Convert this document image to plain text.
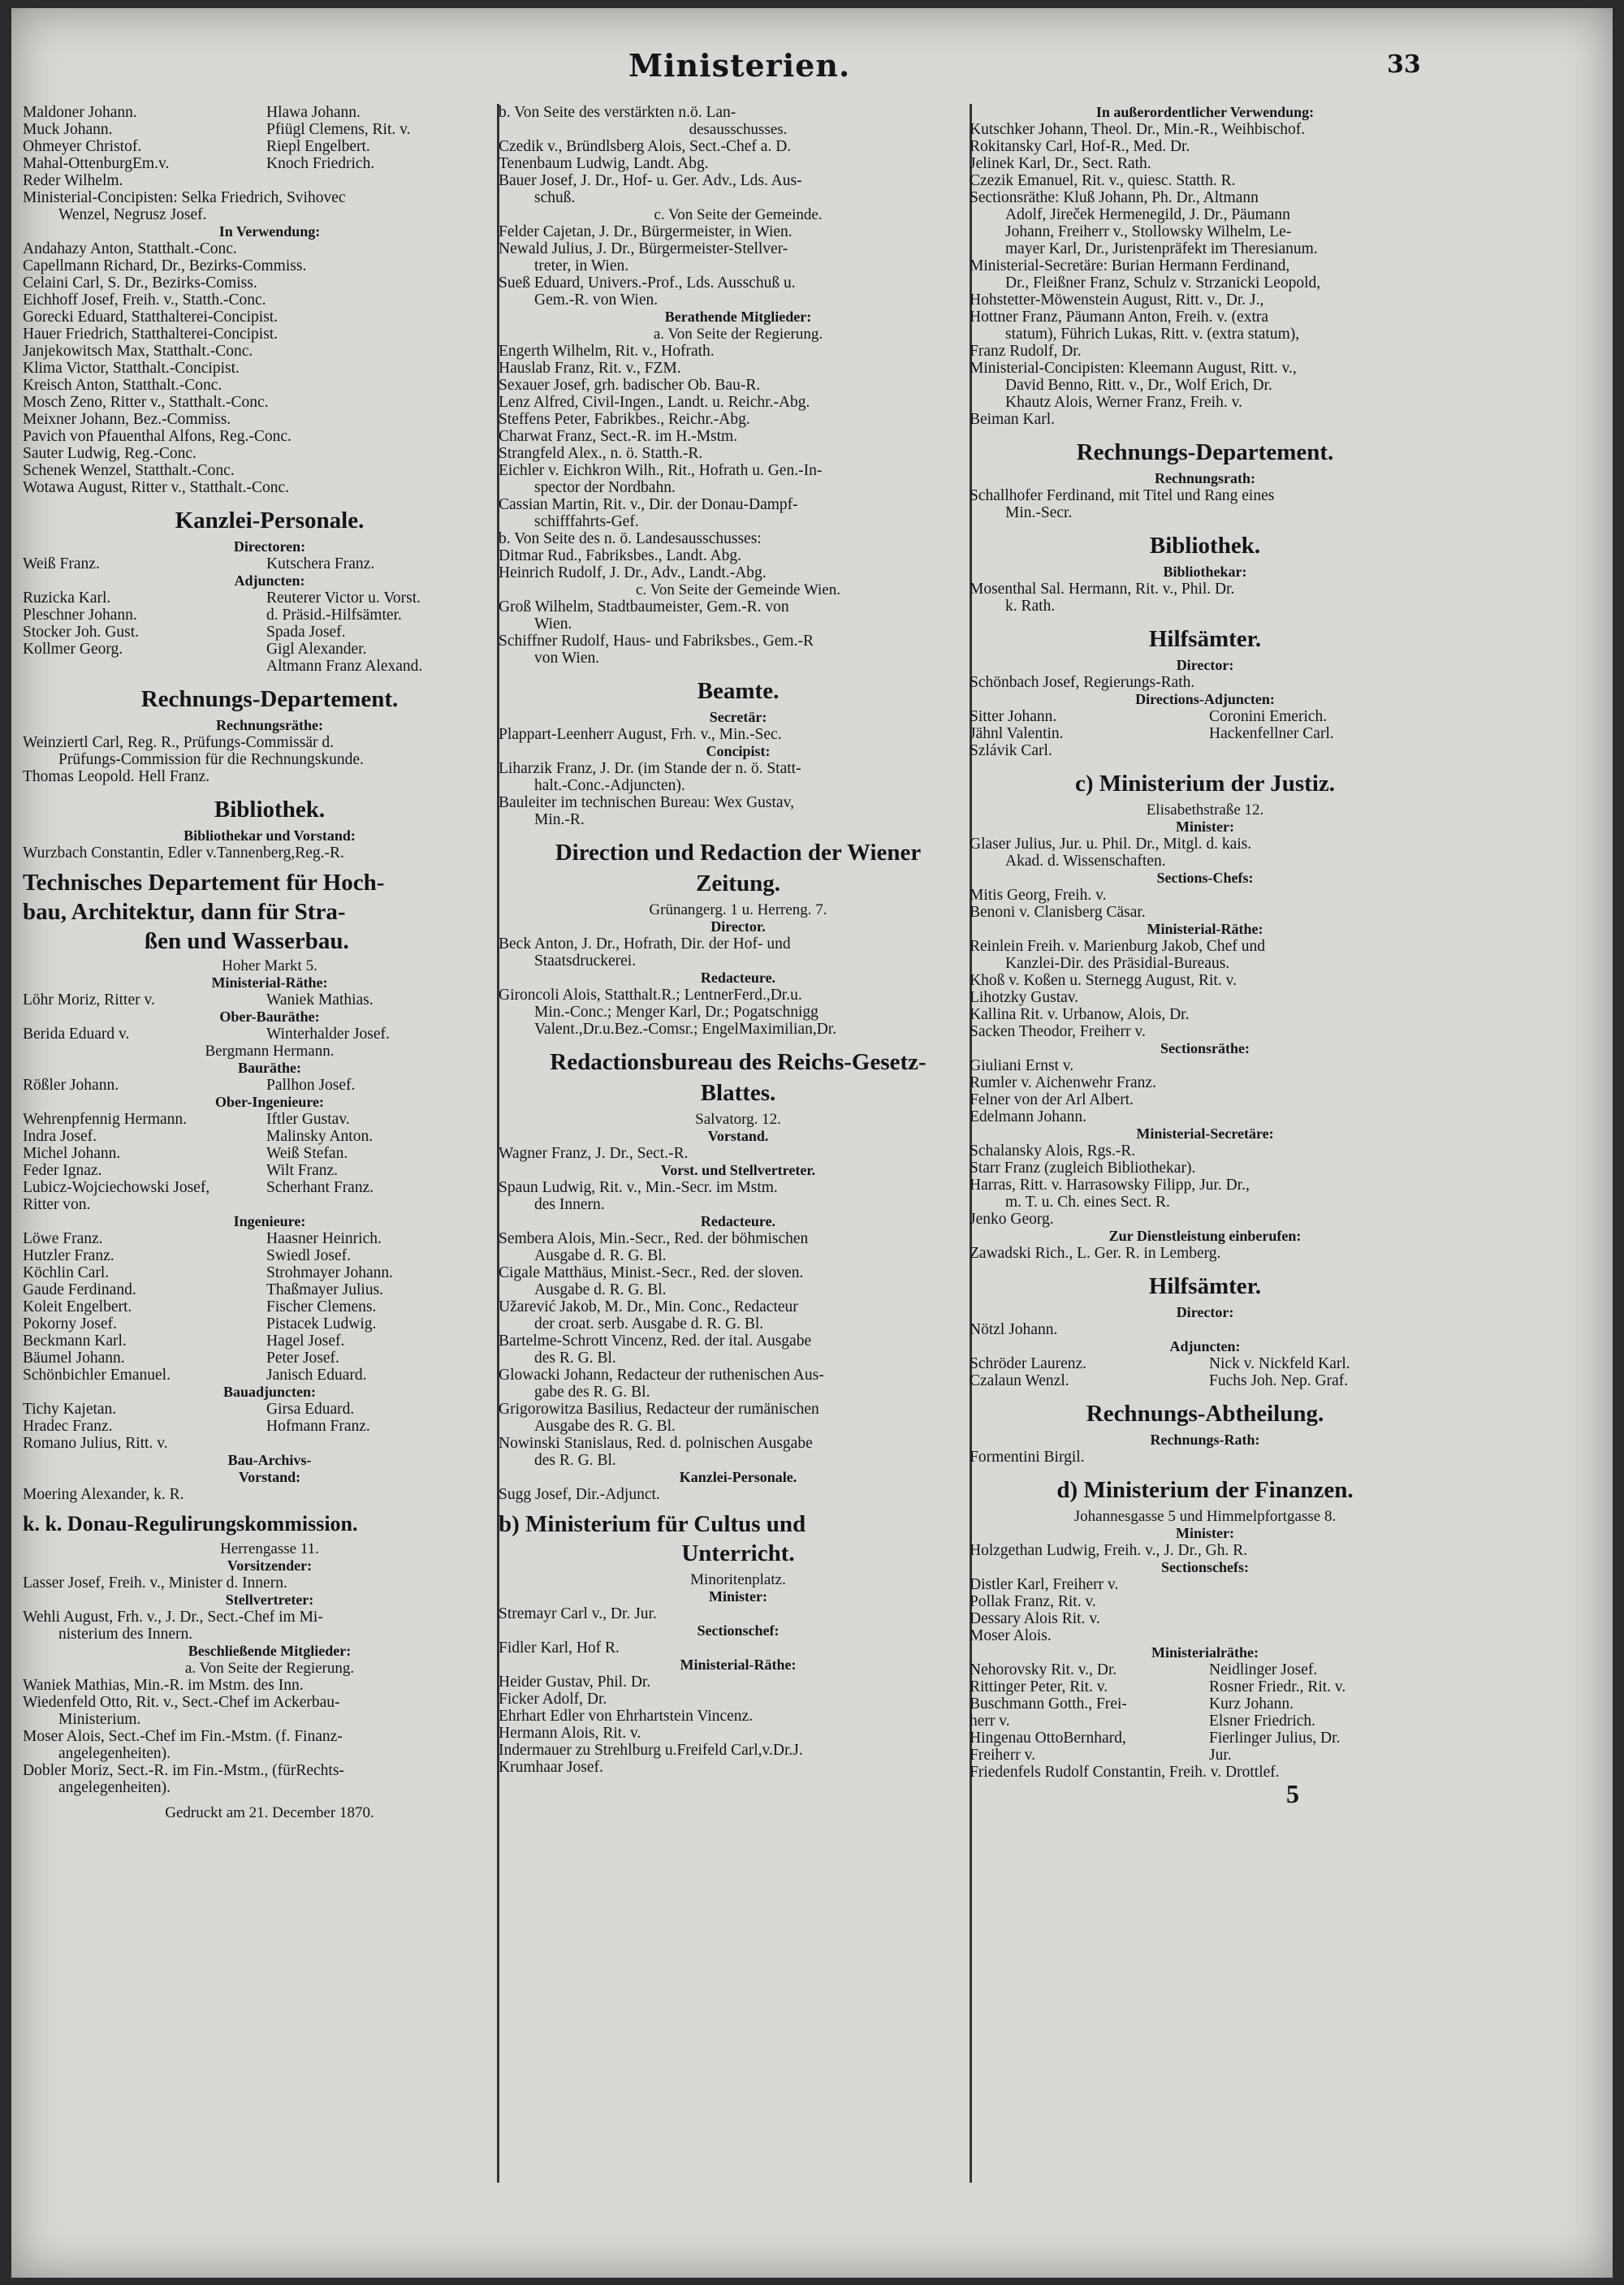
Ministerien.	33
Maldoner Johann.	Hlawa Johann.
Muck Johann.	Pfiügl Clemens, Rit. v.
Ohmeyer Christof.	Riepl Engelbert.
Mahal-OttenburgEm.v.	Knoch Friedrich.
Reder Wilhelm.
Ministerial-Concipisten: Selka Friedrich, Svihovec
Wenzel, Negrusz Josef.
In Verwendung:
Andahazy Anton, Statthalt.-Conc.
Capellmann Richard, Dr., Bezirks-Commiss.
Celaini Carl, S. Dr., Bezirks-Comiss.
Eichhoff Josef, Freih. v., Statth.-Conc.
Gorecki Eduard, Statthalterei-Concipist.
Hauer Friedrich, Statthalterei-Concipist.
Janjekowitsch Max, Statthalt.-Conc.
Klima Victor, Statthalt.-Concipist.
Kreisch Anton, Statthalt.-Conc.
Mosch Zeno, Ritter v., Statthalt.-Conc.
Meixner Johann, Bez.-Commiss.
Pavich von Pfauenthal Alfons, Reg.-Conc.
Sauter Ludwig, Reg.-Conc.
Schenek Wenzel, Statthalt.-Conc.
Wotawa August, Ritter v., Statthalt.-Conc.
Kanzlei-Personale.
Directoren:
Weiß Franz.	Kutschera Franz.
Adjuncten:
Ruzicka Karl.	Reuterer Victor u. Vorst.
Pleschner Johann.	d. Präsid.-Hilfsämter.
Stocker Joh. Gust.	Spada Josef.
Kollmer Georg.	Gigl Alexander.
Altmann Franz Alexand.
Rechnungs-Departement.
Rechnungsräthe:
Weinziertl Carl, Reg. R., Prüfungs-Commissär d.
Prüfungs-Commission für die Rechnungskunde.
Thomas Leopold. Hell Franz.
Bibliothek.
Bibliothekar und Vorstand:
Wurzbach Constantin, Edler v.Tannenberg,Reg.-R.
Technisches Departement für Hoch-
bau, Architektur, dann für Stra-
ßen und Wasserbau.
Hoher Markt 5.
Ministerial-Räthe:
Löhr Moriz, Ritter v.	Waniek Mathias.
Ober-Bauräthe:
Berida Eduard v.	Winterhalder Josef.
Bergmann Hermann.
Bauräthe:
Rößler Johann.	Pallhon Josef.
Ober-Ingenieure:
Wehrenpfennig Hermann.	Iftler Gustav.
Indra Josef.	Malinsky Anton.
Michel Johann.	Weiß Stefan.
Feder Ignaz.	Wilt Franz.
Lubicz-Wojciechowski Josef,	Scherhant Franz.
Ritter von.
Ingenieure:
Löwe Franz.	Haasner Heinrich.
Hutzler Franz.	Swiedl Josef.
Köchlin Carl.	Strohmayer Johann.
Gaude Ferdinand.	Thaßmayer Julius.
Koleit Engelbert.	Fischer Clemens.
Pokorny Josef.	Pistacek Ludwig.
Beckmann Karl.	Hagel Josef.
Bäumel Johann.	Peter Josef.
Schönbichler Emanuel.	Janisch Eduard.
Bauadjuncten:
Tichy Kajetan.	Girsa Eduard.
Hradec Franz.	Hofmann Franz.
Romano Julius, Ritt. v.
Bau-Archivs-
Vorstand:
Moering Alexander, k. R.
k. k. Donau-Regulirungskommission.
Herrengasse 11.
Vorsitzender:
Lasser Josef, Freih. v., Minister d. Innern.
Stellvertreter:
Wehli August, Frh. v., J. Dr., Sect.-Chef im Mi-
nisterium des Innern.
Beschließende Mitglieder:
a. Von Seite der Regierung.
Waniek Mathias, Min.-R. im Mstm. des Inn.
Wiedenfeld Otto, Rit. v., Sect.-Chef im Ackerbau-
Ministerium.
Moser Alois, Sect.-Chef im Fin.-Mstm. (f. Finanz-
angelegenheiten).
Dobler Moriz, Sect.-R. im Fin.-Mstm., (fürRechts-
angelegenheiten).
Gedruckt am 21. December 1870.
b. Von Seite des verstärkten n.ö. Lan-
desausschusses.
Czedik v., Bründlsberg Alois, Sect.-Chef a. D.
Tenenbaum Ludwig, Landt. Abg.
Bauer Josef, J. Dr., Hof- u. Ger. Adv., Lds. Aus-
schuß.
c. Von Seite der Gemeinde.
Felder Cajetan, J. Dr., Bürgermeister, in Wien.
Newald Julius, J. Dr., Bürgermeister-Stellver-
treter, in Wien.
Sueß Eduard, Univers.-Prof., Lds. Ausschuß u.
Gem.-R. von Wien.
Berathende Mitglieder:
a. Von Seite der Regierung.
Engerth Wilhelm, Rit. v., Hofrath.
Hauslab Franz, Rit. v., FZM.
Sexauer Josef, grh. badischer Ob. Bau-R.
Lenz Alfred, Civil-Ingen., Landt. u. Reichr.-Abg.
Steffens Peter, Fabrikbes., Reichr.-Abg.
Charwat Franz, Sect.-R. im H.-Mstm.
Strangfeld Alex., n. ö. Statth.-R.
Eichler v. Eichkron Wilh., Rit., Hofrath u. Gen.-In-
spector der Nordbahn.
Cassian Martin, Rit. v., Dir. der Donau-Dampf-
schifffahrts-Gef.
b. Von Seite des n. ö. Landesausschusses:
Ditmar Rud., Fabriksbes., Landt. Abg.
Heinrich Rudolf, J. Dr., Adv., Landt.-Abg.
c. Von Seite der Gemeinde Wien.
Groß Wilhelm, Stadtbaumeister, Gem.-R. von
Wien.
Schiffner Rudolf, Haus- und Fabriksbes., Gem.-R
von Wien.
Beamte.
Secretär:
Plappart-Leenherr August, Frh. v., Min.-Sec.
Concipist:
Liharzik Franz, J. Dr. (im Stande der n. ö. Statt-
halt.-Conc.-Adjuncten).
Bauleiter im technischen Bureau: Wex Gustav,
Min.-R.
Direction und Redaction der Wiener
Zeitung.
Grünangerg. 1 u. Herreng. 7.
Director.
Beck Anton, J. Dr., Hofrath, Dir. der Hof- und
Staatsdruckerei.
Redacteure.
Gironcoli Alois, Statthalt.R.; LentnerFerd.,Dr.u.
Min.-Conc.; Menger Karl, Dr.; Pogatschnigg
Valent.,Dr.u.Bez.-Comsr.; EngelMaximilian,Dr.
Redactionsbureau des Reichs-Gesetz-
Blattes.
Salvatorg. 12.
Vorstand.
Wagner Franz, J. Dr., Sect.-R.
Vorst. und Stellvertreter.
Spaun Ludwig, Rit. v., Min.-Secr. im Mstm.
des Innern.
Redacteure.
Sembera Alois, Min.-Secr., Red. der böhmischen
Ausgabe d. R. G. Bl.
Cigale Matthäus, Minist.-Secr., Red. der sloven.
Ausgabe d. R. G. Bl.
Užarević Jakob, M. Dr., Min. Conc., Redacteur
der croat. serb. Ausgabe d. R. G. Bl.
Bartelme-Schrott Vincenz, Red. der ital. Ausgabe
des R. G. Bl.
Glowacki Johann, Redacteur der ruthenischen Aus-
gabe des R. G. Bl.
Grigorowitza Basilius, Redacteur der rumänischen
Ausgabe des R. G. Bl.
Nowinski Stanislaus, Red. d. polnischen Ausgabe
des R. G. Bl.
Kanzlei-Personale.
Sugg Josef, Dir.-Adjunct.
b) Ministerium für Cultus und
Unterricht.
Minoritenplatz.
Minister:
Stremayr Carl v., Dr. Jur.
Sectionschef:
Fidler Karl, Hof R.
Ministerial-Räthe:
Heider Gustav, Phil. Dr.
Ficker Adolf, Dr.
Ehrhart Edler von Ehrhartstein Vincenz.
Hermann Alois, Rit. v.
Indermauer zu Strehlburg u.Freifeld Carl,v.Dr.J.
Krumhaar Josef.
In außerordentlicher Verwendung:
Kutschker Johann, Theol. Dr., Min.-R., Weihbischof.
Rokitansky Carl, Hof-R., Med. Dr.
Jelinek Karl, Dr., Sect. Rath.
Czezik Emanuel, Rit. v., quiesc. Statth. R.
Sectionsräthe: Kluß Johann, Ph. Dr., Altmann
Adolf, Jireček Hermenegild, J. Dr., Päumann
Johann, Freiherr v., Stollowsky Wilhelm, Le-
mayer Karl, Dr., Juristenpräfekt im Theresianum.
Ministerial-Secretäre: Burian Hermann Ferdinand,
Dr., Fleißner Franz, Schulz v. Strzanicki Leopold,
Hohstetter-Möwenstein August, Ritt. v., Dr. J.,
Hottner Franz, Päumann Anton, Freih. v. (extra
statum), Führich Lukas, Ritt. v. (extra statum),
Franz Rudolf, Dr.
Ministerial-Concipisten: Kleemann August, Ritt. v.,
David Benno, Ritt. v., Dr., Wolf Erich, Dr.
Khautz Alois, Werner Franz, Freih. v.
Beiman Karl.
Rechnungs-Departement.
Rechnungsrath:
Schallhofer Ferdinand, mit Titel und Rang eines
Min.-Secr.
Bibliothek.
Bibliothekar:
Mosenthal Sal. Hermann, Rit. v., Phil. Dr.
k. Rath.
Hilfsämter.
Director:
Schönbach Josef, Regierungs-Rath.
Directions-Adjuncten:
Sitter Johann.	Coronini Emerich.
Jähnl Valentin.	Hackenfellner Carl.
Szlávik Carl.
c) Ministerium der Justiz.
Elisabethstraße 12.
Minister:
Glaser Julius, Jur. u. Phil. Dr., Mitgl. d. kais.
Akad. d. Wissenschaften.
Sections-Chefs:
Mitis Georg, Freih. v.
Benoni v. Clanisberg Cäsar.
Ministerial-Räthe:
Reinlein Freih. v. Marienburg Jakob, Chef und
Kanzlei-Dir. des Präsidial-Bureaus.
Khoß v. Koßen u. Sternegg August, Rit. v.
Lihotzky Gustav.
Kallina Rit. v. Urbanow, Alois, Dr.
Sacken Theodor, Freiherr v.
Sectionsräthe:
Giuliani Ernst v.
Rumler v. Aichenwehr Franz.
Felner von der Arl Albert.
Edelmann Johann.
Ministerial-Secretäre:
Schalansky Alois, Rgs.-R.
Starr Franz (zugleich Bibliothekar).
Harras, Ritt. v. Harrasowsky Filipp, Jur. Dr.,
m. T. u. Ch. eines Sect. R.
Jenko Georg.
Zur Dienstleistung einberufen:
Zawadski Rich., L. Ger. R. in Lemberg.
Hilfsämter.
Director:
Nötzl Johann.
Adjuncten:
Schröder Laurenz.	Nick v. Nickfeld Karl.
Czalaun Wenzl.	Fuchs Joh. Nep. Graf.
Rechnungs-Abtheilung.
Rechnungs-Rath:
Formentini Birgil.
d) Ministerium der Finanzen.
Johannesgasse 5 und Himmelpfortgasse 8.
Minister:
Holzgethan Ludwig, Freih. v., J. Dr., Gh. R.
Sectionschefs:
Distler Karl, Freiherr v.
Pollak Franz, Rit. v.
Dessary Alois Rit. v.
Moser Alois.
Ministerialräthe:
Nehorovsky Rit. v., Dr.	Neidlinger Josef.
Rittinger Peter, Rit. v.	Rosner Friedr., Rit. v.
Buschmann Gotth., Frei-	Kurz Johann.
herr v.	Elsner Friedrich.
Hingenau OttoBernhard,	Fierlinger Julius, Dr.
Freiherr v.	Jur.
Friedenfels Rudolf Constantin, Freih. v. Drottlef.
5
